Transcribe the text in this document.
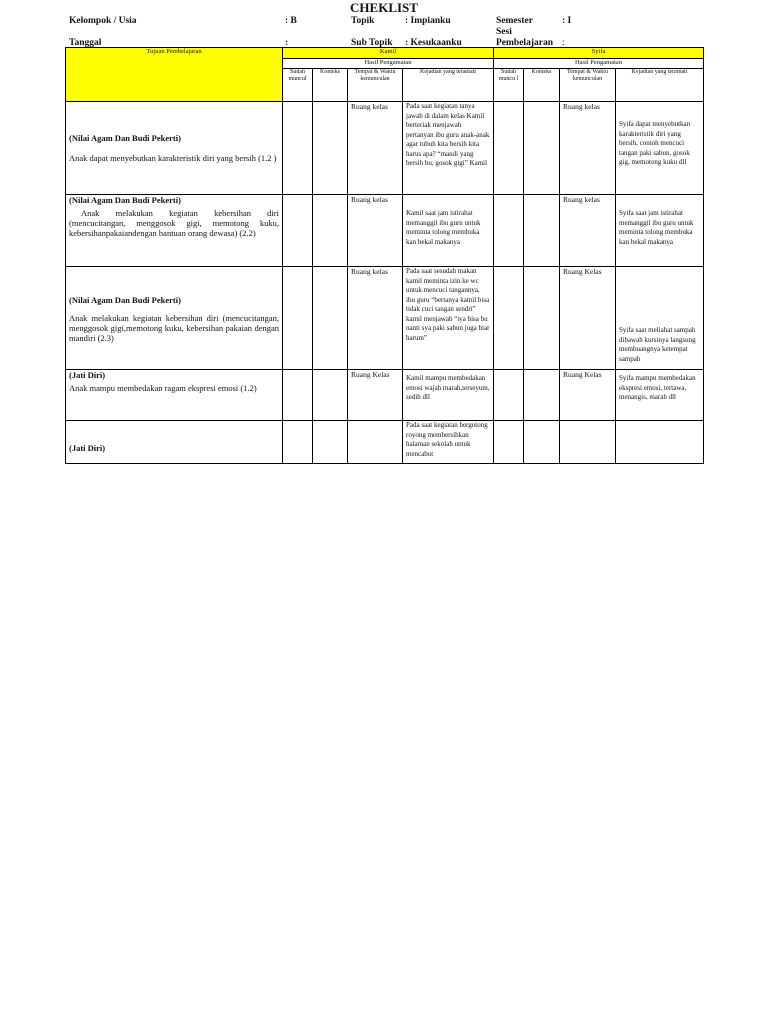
CHEKLIST
Kelompok / Usia	: B	Topik	: Impianku	Semester	: I
Sesi
Tanggal	:	Sub Topik : Kesukaanku	Pembelajaran :
Tujuan Pembelajaran	Kamil				Syifa			
	Hasil Pengamatan				Hasil Pengamatan			
	Sudah muncul	Konteks	Tempat & Waktu kemunculan	Kejadian yang teramati	Sudah muncu l	Konteks	Tempat & Waktu kemunculan	Kejadian yang teramati

(Nilai Agam Dan Budi Pekerti)
Anak dapat menyebutkan karakteristik diri yang bersih (1.2 )			Ruang kelas	Pada saat kegiatan tanya jawab di dalam kelas Kamil berteriak menjawab pertanyan ibu guru anak-anak agar tubuh kita bersih kita harus apa? “mandi yang bersih bu, gosok gigi” Kamil			Ruang kelas	Syifa dapat menyebutkan karakteristik diri yang bersih, contoh mencuci tangan paki sabun, gosok gig, memotong kuku dll

(Nilai Agam Dan Budi Pekerti)
Anak melakukan kegiatan kebersihan diri (mencucitangan, menggosok gigi, memotong kuku, kebersihanpakaiandengan bantuan orang dewasa) (2.2)			Ruang kelas	Kamil saat jam istirahat memanggil ibu guru untuk meminta tolong membuka kan bekal makanya			Ruang kelas	Syifa saat jam istirahat memanggil ibu guru untuk meminta tolong membuka kan bekal makanya

(Nilai Agam Dan Budi Pekerti)
Anak melakukan kegiatan kebersihan diri (mencucitangan, menggosok gigi,memotong kuku, kebersihan pakaian dengan mandiri (2.3)			Ruang kelas	Pada saat sesudah makan kamil meminta izin ke wc untuk mencuci tangannya, ibu guru “bertanya kamil bisa tidak cuci tangan sendri” kamil menjawab “iya bisa bu nanti sya paki sabun juga biar harum”			Ruang Kelas	Syifa saat meliahat sampah dibawah kursinya langsung membuangnya ketempat sampah

(Jati Diri)
Anak mampu membedakan ragam ekspresi emosi (1.2)			Ruang Kelas	Kamil mampu membedakan emosi wajah marah,terseyum, sedih dll			Ruang Kelas	Syifa mampu membedakan ekspresi emosi, tertawa, menangis, marah dll

(Jati Diri)				Pada saat kegiatan bergotong royong membersihkan halaman sekolah untuk mencabut				
